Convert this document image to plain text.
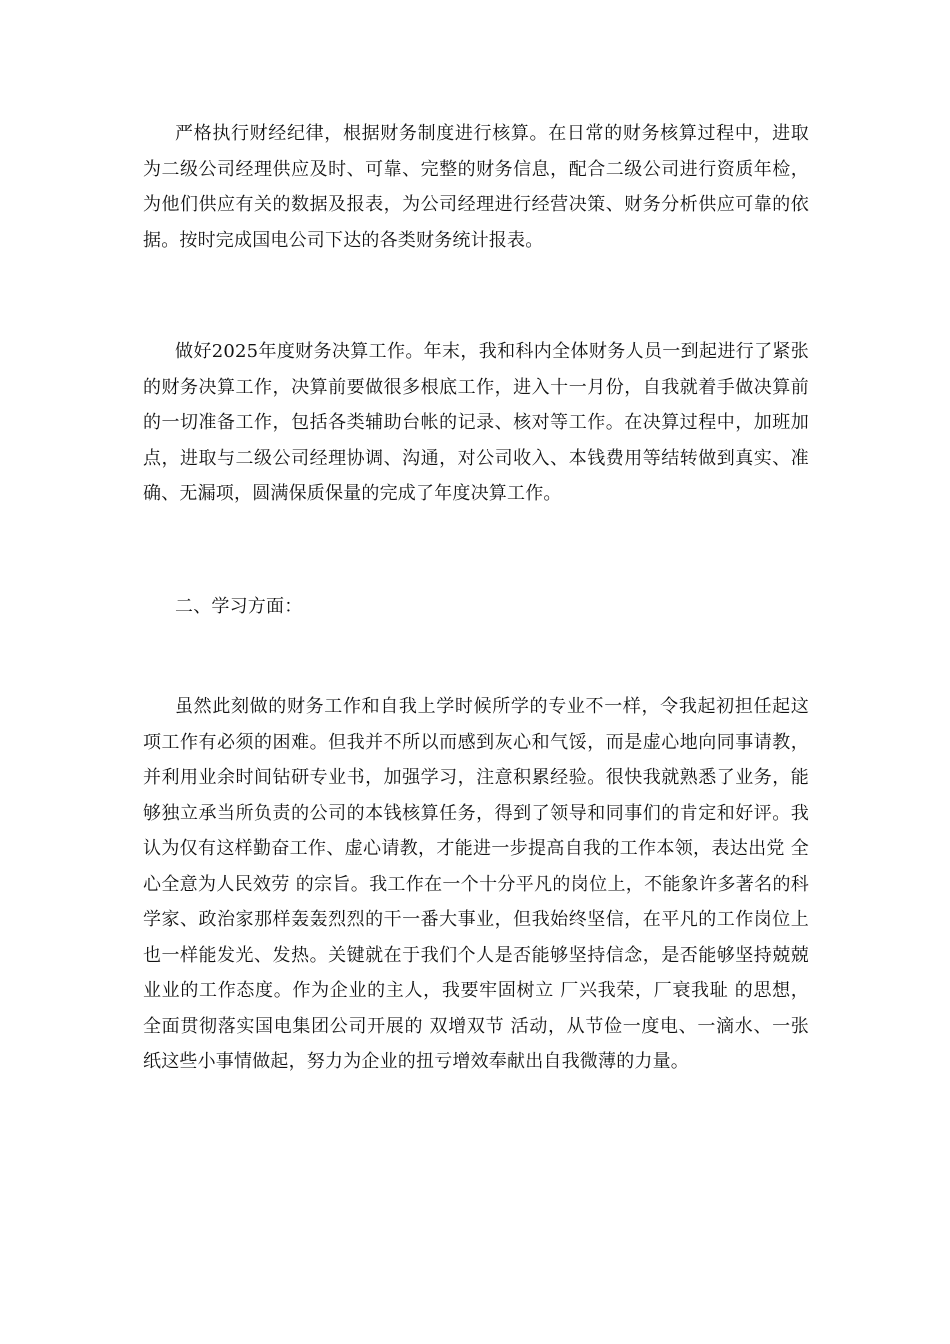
严格执行财经纪律，根据财务制度进行核算。在日常的财务核算过程中，进取为二级公司经理供应及时、可靠、完整的财务信息，配合二级公司进行资质年检，为他们供应有关的数据及报表，为公司经理进行经营决策、财务分析供应可靠的依据。按时完成国电公司下达的各类财务统计报表。

做好2025年度财务决算工作。年末，我和科内全体财务人员一到起进行了紧张的财务决算工作，决算前要做很多根底工作，进入十一月份，自我就着手做决算前的一切准备工作，包括各类辅助台帐的记录、核对等工作。在决算过程中，加班加点，进取与二级公司经理协调、沟通，对公司收入、本钱费用等结转做到真实、准确、无漏项，圆满保质保量的完成了年度决算工作。

二、学习方面：

虽然此刻做的财务工作和自我上学时候所学的专业不一样，令我起初担任起这项工作有必须的困难。但我并不所以而感到灰心和气馁，而是虚心地向同事请教，并利用业余时间钻研专业书，加强学习，注意积累经验。很快我就熟悉了业务，能够独立承当所负责的公司的本钱核算任务，得到了领导和同事们的肯定和好评。我认为仅有这样勤奋工作、虚心请教，才能进一步提高自我的工作本领，表达出党 全心全意为人民效劳 的宗旨。我工作在一个十分平凡的岗位上，不能象许多著名的科学家、政治家那样轰轰烈烈的干一番大事业，但我始终坚信，在平凡的工作岗位上也一样能发光、发热。关键就在于我们个人是否能够坚持信念，是否能够坚持兢兢业业的工作态度。作为企业的主人，我要牢固树立 厂兴我荣，厂衰我耻 的思想，全面贯彻落实国电集团公司开展的 双增双节 活动，从节俭一度电、一滴水、一张纸这些小事情做起，努力为企业的扭亏增效奉献出自我微薄的力量。
